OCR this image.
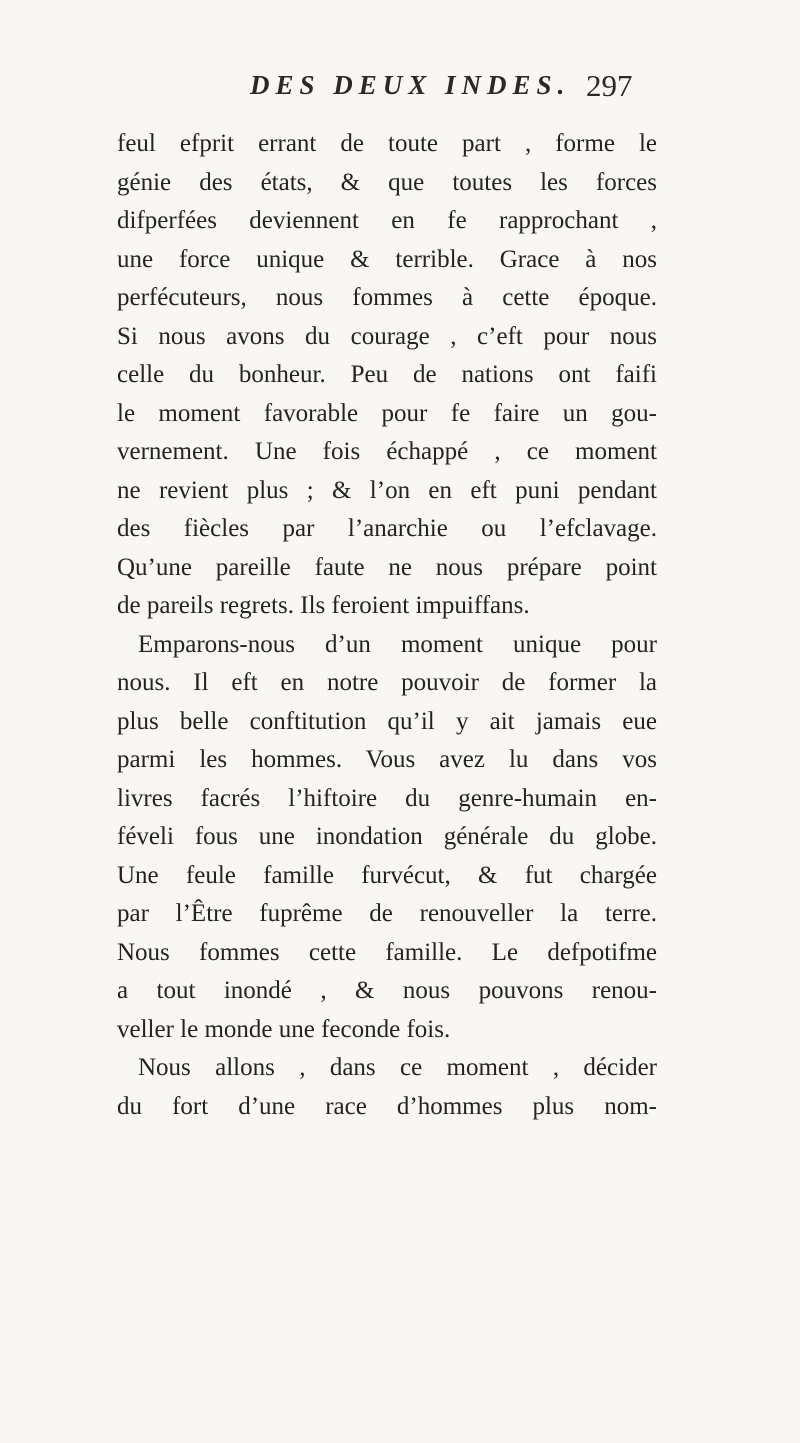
DES DEUX INDES. 297
feul efprit errant de toute part , forme le
génie des états, & que toutes les forces
difperfées deviennent en fe rapprochant ,
une force unique & terrible. Grace à nos
perfécuteurs, nous fommes à cette époque.
Si nous avons du courage , c’eft pour nous
celle du bonheur. Peu de nations ont faifi
le moment favorable pour fe faire un gou-
vernement. Une fois échappé , ce moment
ne revient plus ; & l’on en eft puni pendant
des fiècles par l’anarchie ou l’efclavage.
Qu’une pareille faute ne nous prépare point
de pareils regrets. Ils feroient impuiffans.
Emparons-nous d’un moment unique pour
nous. Il eft en notre pouvoir de former la
plus belle conftitution qu’il y ait jamais eue
parmi les hommes. Vous avez lu dans vos
livres facrés l’hiftoire du genre-humain en-
féveli fous une inondation générale du globe.
Une feule famille furvécut, & fut chargée
par l’Être fuprême de renouveller la terre.
Nous fommes cette famille. Le defpotifme
a tout inondé , & nous pouvons renou-
veller le monde une feconde fois.
Nous allons , dans ce moment , décider
du fort d’une race d’hommes plus nom-
